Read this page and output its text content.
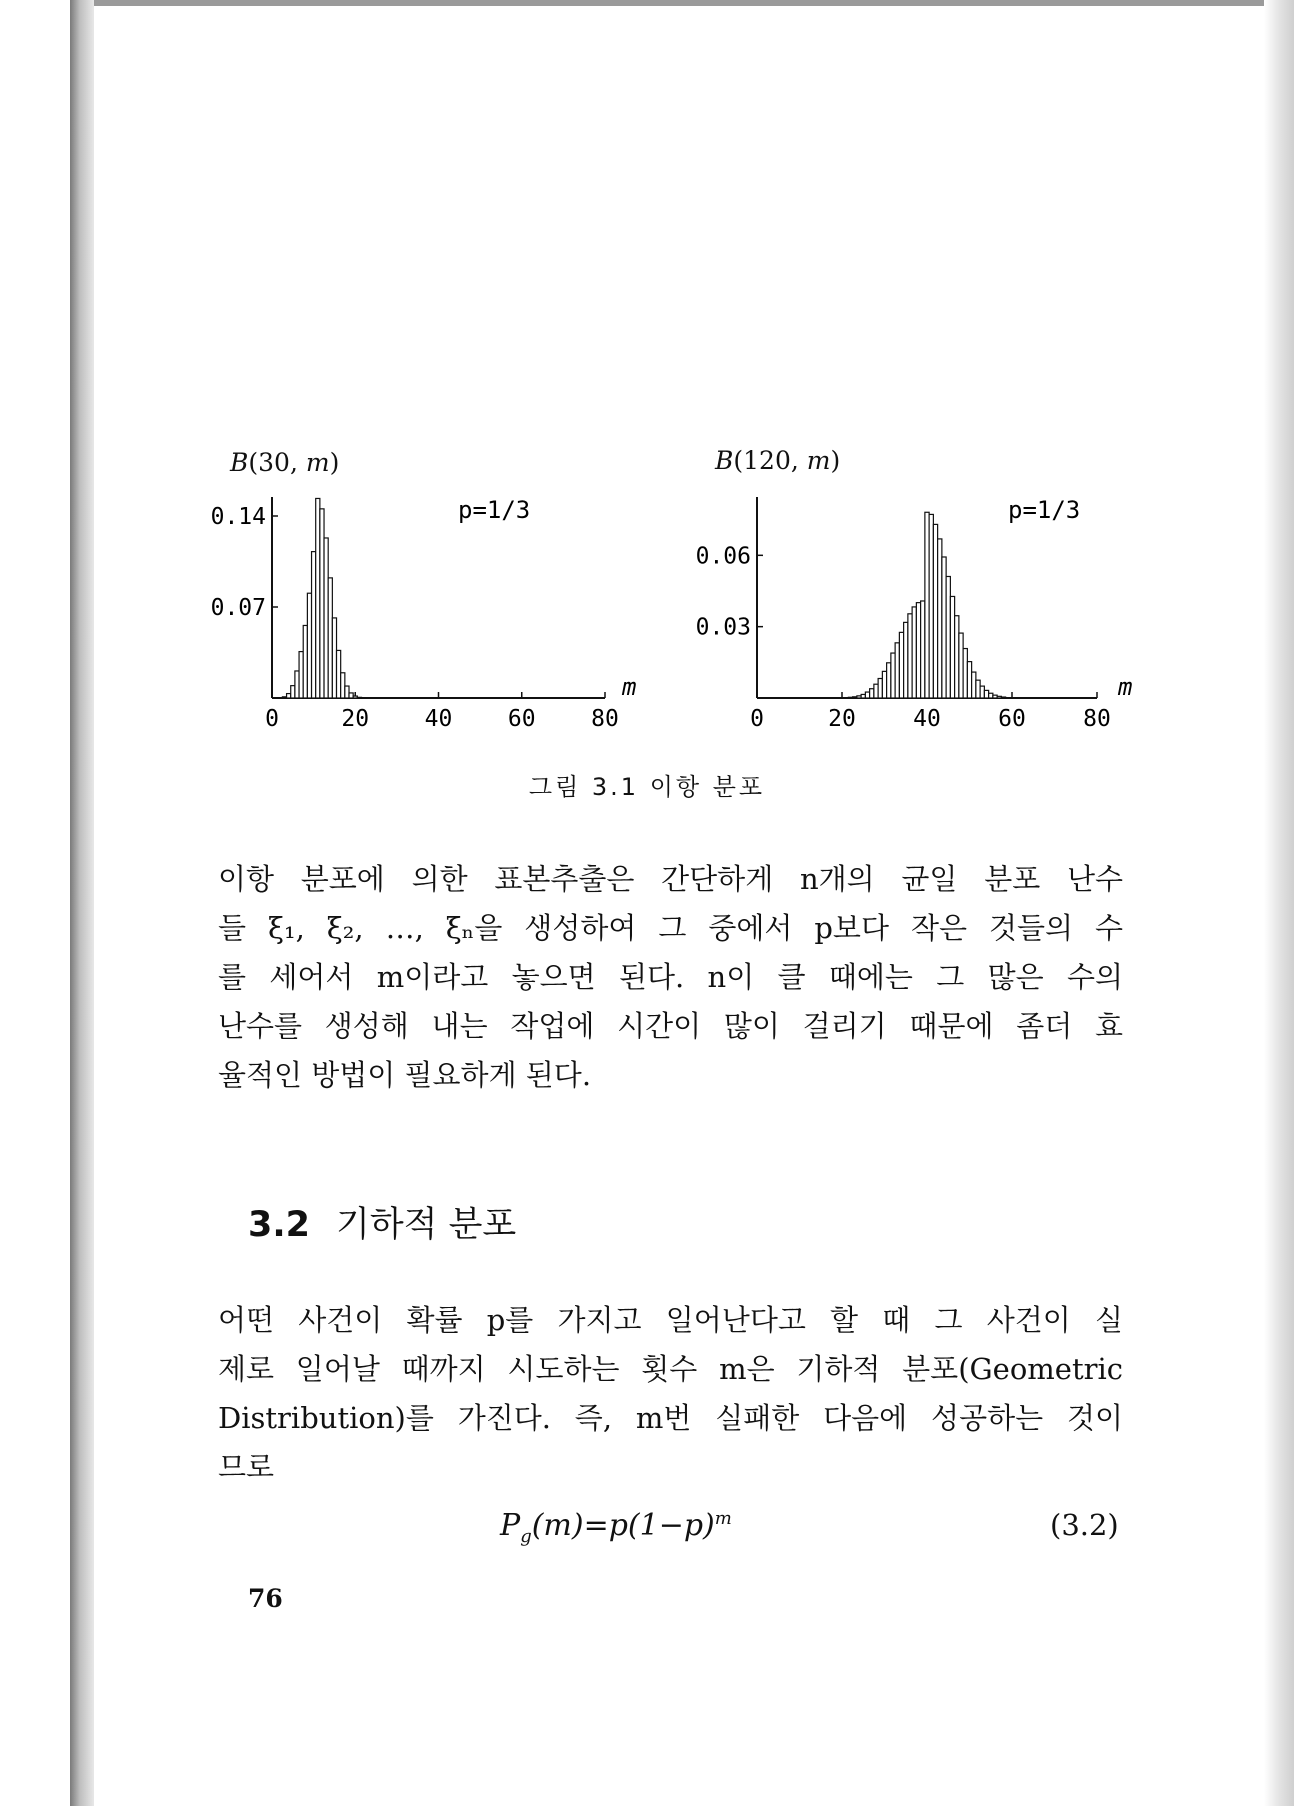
B(30, m)	B(120, m)
0.07
0.14
0	20 40 60 80
m
p=1/3
0.03
0.06
0	20 40 60 80
m
p=1/3
그림 3.1 이항 분포
이항 분포에 의한 표본추출은 간단하게 n개의 균일 분포 난수
들 ξ₁, ξ₂, …, ξₙ을 생성하여 그 중에서 p보다 작은 것들의 수
를 세어서 m이라고 놓으면 된다. n이 클 때에는 그 많은 수의
난수를 생성해 내는 작업에 시간이 많이 걸리기 때문에 좀더 효
율적인 방법이 필요하게 된다.
3.2 기하적 분포
어떤 사건이 확률 p를 가지고 일어난다고 할 때 그 사건이 실
제로 일어날 때까지 시도하는 횟수 m은 기하적 분포(Geometric
Distribution)를 가진다. 즉, m번 실패한 다음에 성공하는 것이
므로
$P_g(m)=p(1-p)^m$	(3.2)
76
